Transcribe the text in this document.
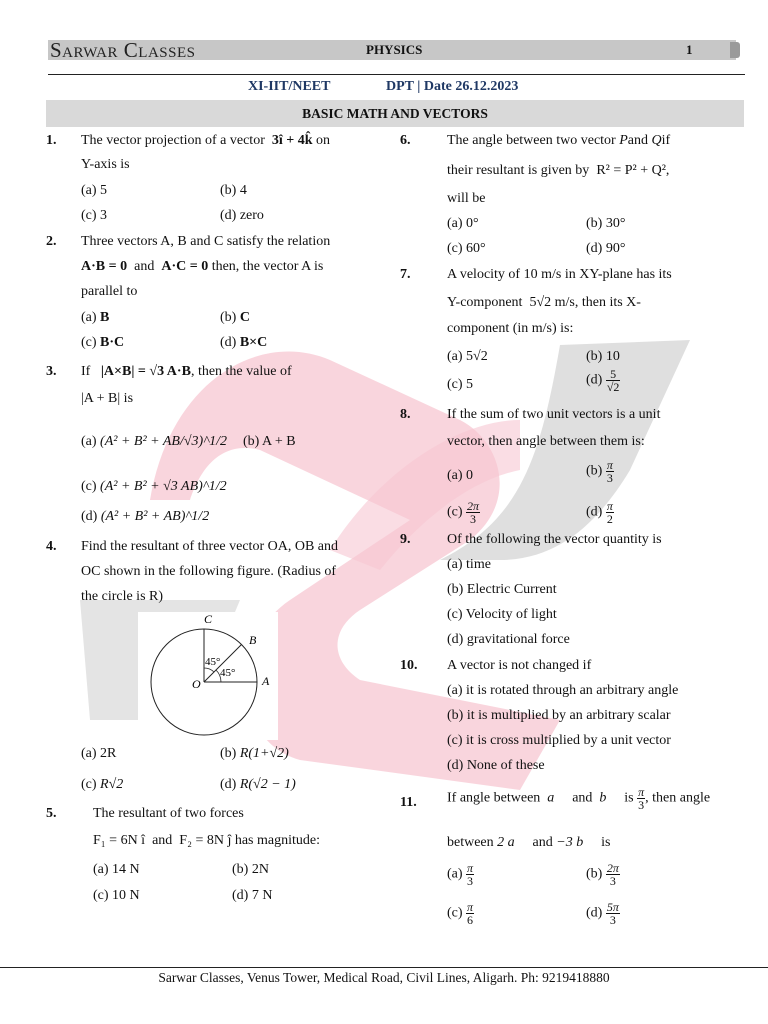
Sarwar Classes	PHYSICS	1
XI-IIT/NEET	DPT | Date 26.12.2023
BASIC MATH AND VECTORS
1. The vector projection of a vector 3î + 4k̂ on
Y-axis is
(a) 5	(b) 4
(c) 3	(d) zero
2. Three vectors A, B and C satisfy the relation
A·B = 0 and A·C = 0 then, the vector A is
parallel to
(a) B	(b) C
(c) B·C	(d) B×C
3. If |A×B| = √3 A·B, then the value of
|A + B| is
(a) (A² + B² + AB/√3)^1/2 (b) A + B
(c) (A² + B² + √3 AB)^1/2
(d) (A² + B² + AB)^1/2
4. Find the resultant of three vector OA, OB and
OC shown in the following figure. (Radius of
the circle is R)
C
B
O	A
45°
45°
(a) 2R	(b) R(1+√2)
(c) R√2	(d) R(√2 − 1)
5.	The resultant of two forces
F₁ = 6N î and F₂ = 8N ĵ has magnitude:
(a) 14 N	(b) 2N
(c) 10 N	(d) 7 N
6.	The angle between two vector Pand Qif
their resultant is given by R² = P² + Q²,
will be
(a) 0°	(b) 30°
(c) 60°	(d) 90°
7.	A velocity of 10 m/s in XY-plane has its
Y-component 5√2 m/s, then its X-
component (in m/s) is:
(a) 5√2	(b) 10
(c) 5	$(d) \frac{5}{√2}$
8.	If the sum of two unit vectors is a unit
vector, then angle between them is:
(a) 0	$(b) \frac{\pi}{3}$
$(c) \frac{2\pi}{3}$	$(d) \frac{\pi}{2}$
9.	Of the following the vector quantity is
(a) time
(b) Electric Current
(c) Velocity of light
(d) gravitational force
10. A vector is not changed if
(a) it is rotated through an arbitrary angle
(b) it is multiplied by an arbitrary scalar
(c) it is cross multiplied by a unit vector
(d) None of these
11. If angle between a⃗ and b⃗ is $\frac{\pi}{3}$ , then angle
between 2 a⃗ and −3 b⃗ is
$(a) \frac{\pi}{3}$	$(b) \frac{2\pi}{3}$
$(c) \frac{\pi}{6}$	$(d) \frac{5\pi}{3}$
Sarwar Classes, Venus Tower, Medical Road, Civil Lines, Aligarh. Ph: 9219418880
